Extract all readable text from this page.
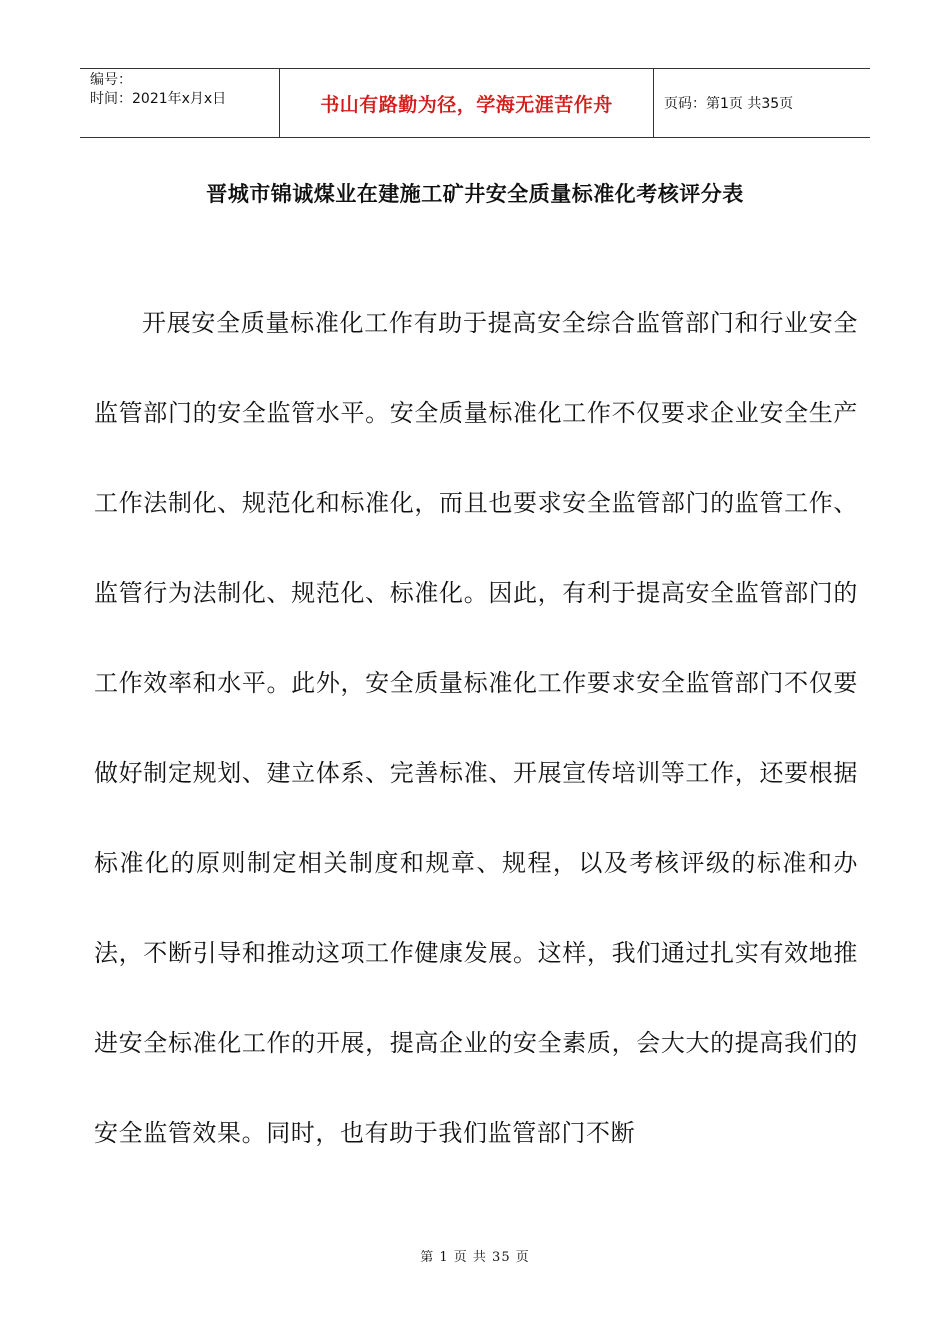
编号：
时间：2021年x月x日	书山有路勤为径，学海无涯苦作舟	页码：第1页 共35页
晋城市锦诚煤业在建施工矿井安全质量标准化考核评分表

开展安全质量标准化工作有助于提高安全综合监管部门和行业安全监管部门的安全监管水平。安全质量标准化工作不仅要求企业安全生产工作法制化、规范化和标准化，而且也要求安全监管部门的监管工作、监管行为法制化、规范化、标准化。因此，有利于提高安全监管部门的工作效率和水平。此外，安全质量标准化工作要求安全监管部门不仅要做好制定规划、建立体系、完善标准、开展宣传培训等工作，还要根据标准化的原则制定相关制度和规章、规程，以及考核评级的标准和办法，不断引导和推动这项工作健康发展。这样，我们通过扎实有效地推进安全标准化工作的开展，提高企业的安全素质，会大大的提高我们的安全监管效果。同时，也有助于我们监管部门不断

第 1 页 共 35 页
